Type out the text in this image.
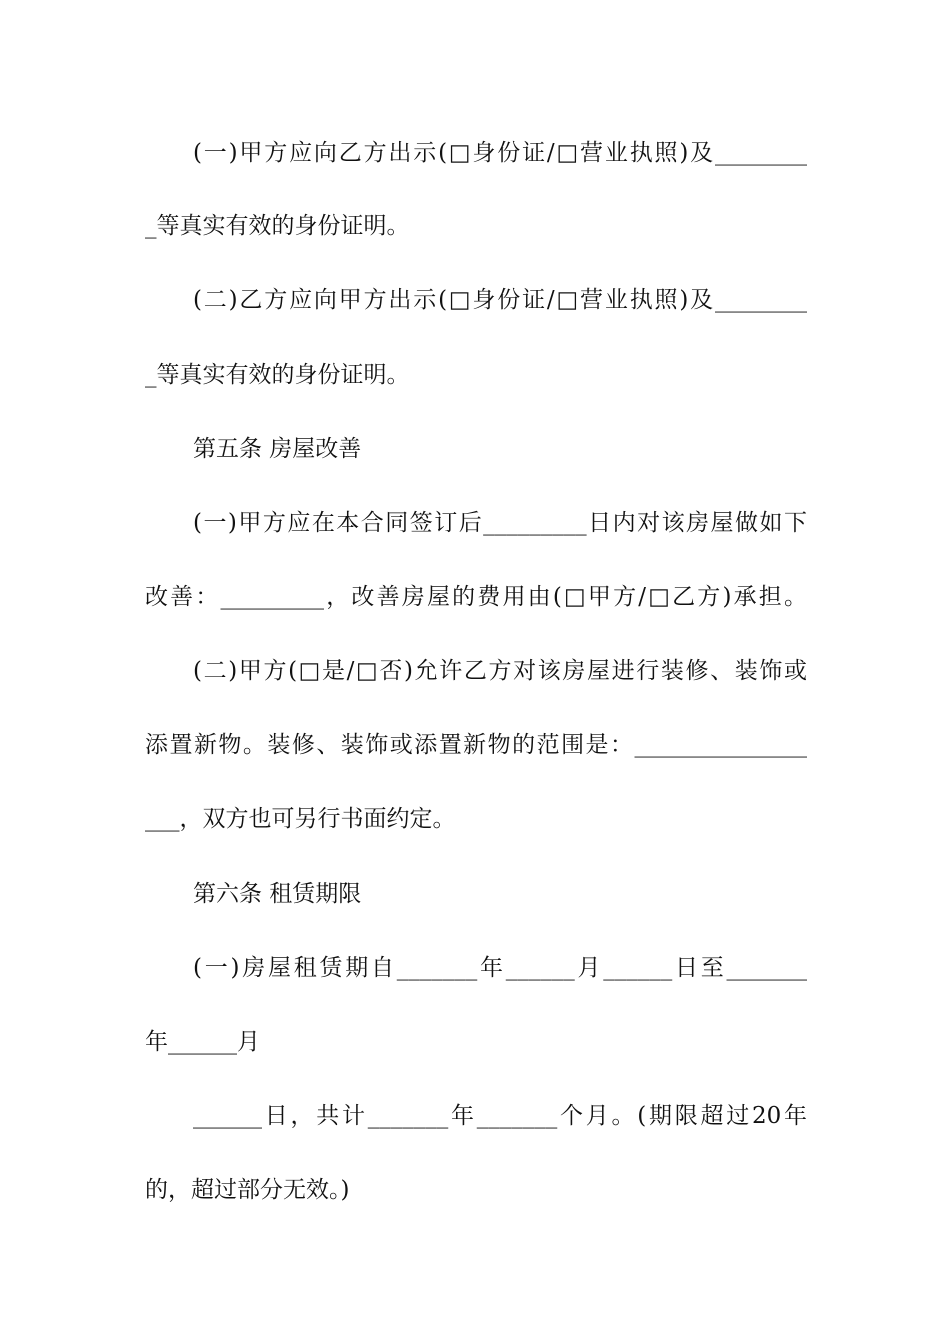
(一)甲方应向乙方出示(□身份证/□营业执照)及________
_等真实有效的身份证明。
(二)乙方应向甲方出示(□身份证/□营业执照)及________
_等真实有效的身份证明。
第五条 房屋改善
(一)甲方应在本合同签订后_________日内对该房屋做如下
改善：_________，改善房屋的费用由(□甲方/□乙方)承担。
(二)甲方(□是/□否)允许乙方对该房屋进行装修、装饰或
添置新物。装修、装饰或添置新物的范围是：_______________
___，双方也可另行书面约定。
第六条 租赁期限
(一)房屋租赁期自_______年______月______日至_______
年______月
______日，共计_______年_______个月。(期限超过20年
的，超过部分无效。)
